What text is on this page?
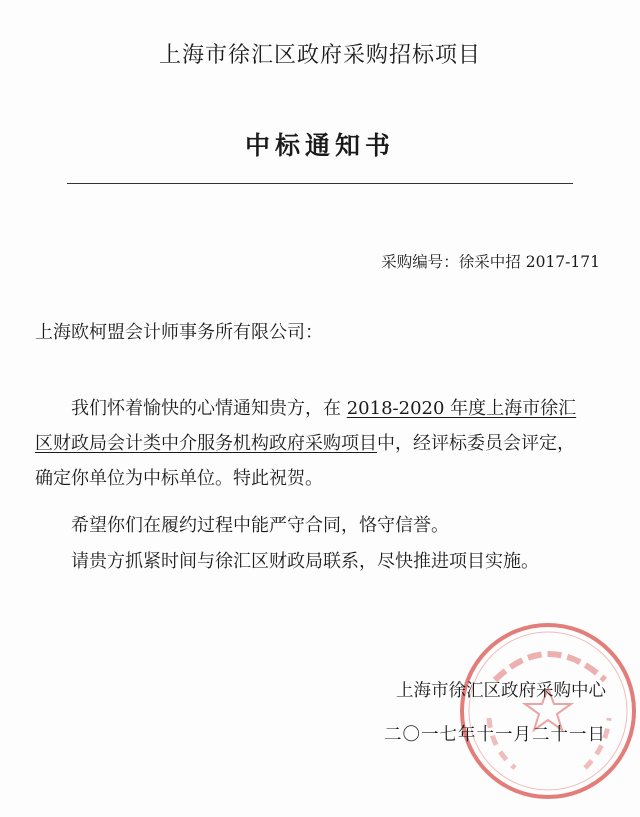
上海市徐汇区政府采购招标项目
中标通知书
采购编号：徐采中招 2017-171
上海欧柯盟会计师事务所有限公司：
我们怀着愉快的心情通知贵方，在 2018-2020 年度上海市徐汇
区财政局会计类中介服务机构政府采购项目中，经评标委员会评定，
确定你单位为中标单位。特此祝贺。
希望你们在履约过程中能严守合同，恪守信誉。
请贵方抓紧时间与徐汇区财政局联系，尽快推进项目实施。
上海市徐汇区政府采购中心
二〇一七年十一月二十一日
